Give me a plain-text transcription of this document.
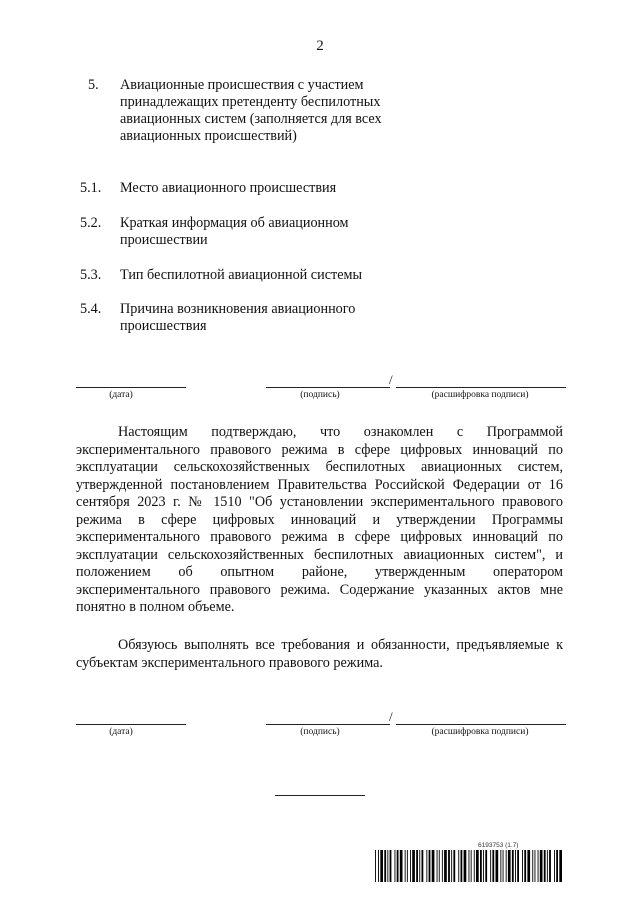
2
5. Авиационные происшествия с участием принадлежащих претенденту беспилотных авиационных систем (заполняется для всех авиационных происшествий)
5.1. Место авиационного происшествия
5.2. Краткая информация об авиационном происшествии
5.3. Тип беспилотной авиационной системы
5.4. Причина возникновения авиационного происшествия
(дата)
/
(подпись)	(расшифровка подписи)

Настоящим подтверждаю, что ознакомлен с Программой экспериментального правового режима в сфере цифровых инноваций по эксплуатации сельскохозяйственных беспилотных авиационных систем, утвержденной постановлением Правительства Российской Федерации от 16 сентября 2023 г. № 1510 "Об установлении экспериментального правового режима в сфере цифровых инноваций и утверждении Программы экспериментального правового режима в сфере цифровых инноваций по эксплуатации сельскохозяйственных беспилотных авиационных систем", и положением об опытном районе, утвержденным оператором экспериментального правового режима. Содержание указанных актов мне понятно в полном объеме.

Обязуюсь выполнять все требования и обязанности, предъявляемые к субъектам экспериментального правового режима.

(дата)
/
(подпись)	(расшифровка подписи)
6193753 (1.7)
